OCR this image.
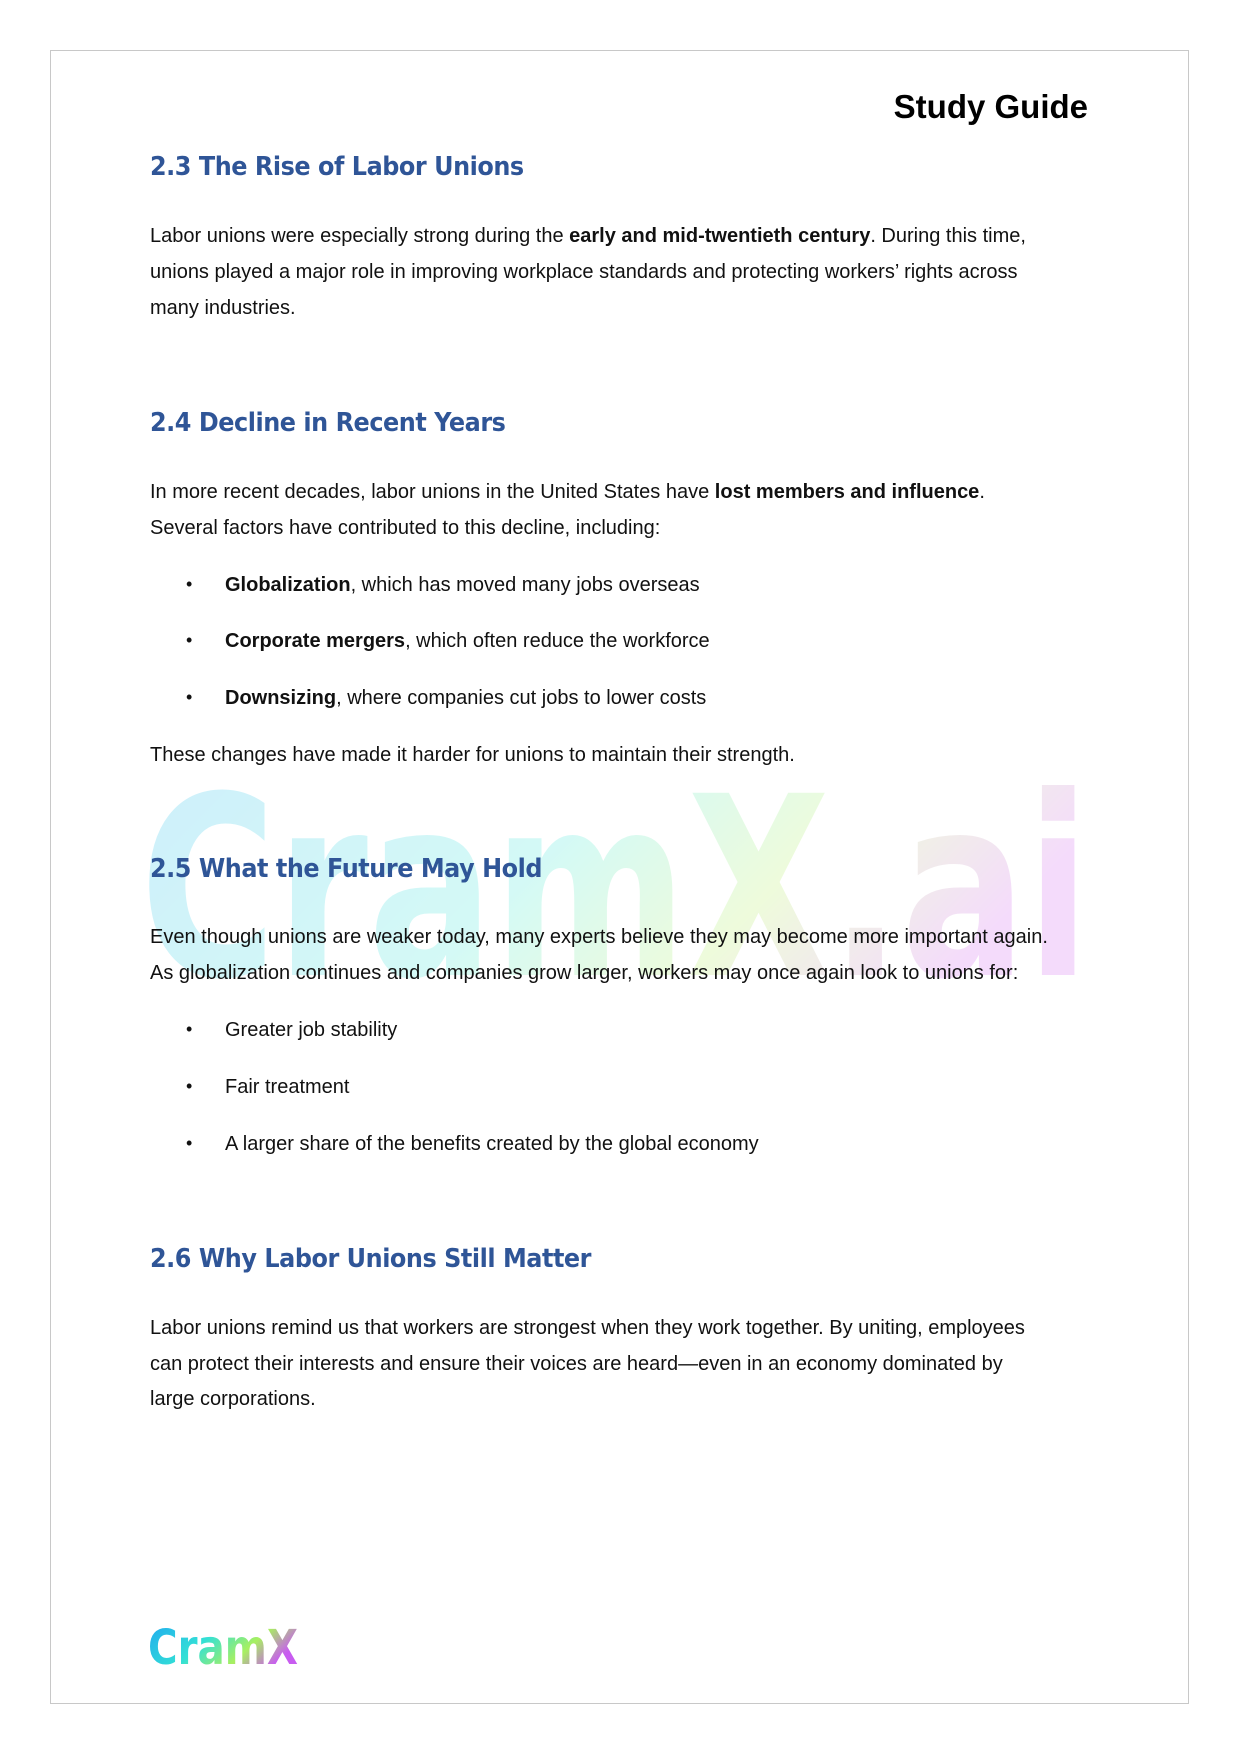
CramX.ai
Study Guide
2.3 The Rise of Labor Unions
Labor unions were especially strong during the early and mid-twentieth century. During this time,
unions played a major role in improving workplace standards and protecting workers’ rights across
many industries.
2.4 Decline in Recent Years
In more recent decades, labor unions in the United States have lost members and influence.
Several factors have contributed to this decline, including:
• Globalization, which has moved many jobs overseas
• Corporate mergers, which often reduce the workforce
• Downsizing, where companies cut jobs to lower costs
These changes have made it harder for unions to maintain their strength.
2.5 What the Future May Hold
Even though unions are weaker today, many experts believe they may become more important again.
As globalization continues and companies grow larger, workers may once again look to unions for:
• Greater job stability
• Fair treatment
• A larger share of the benefits created by the global economy
2.6 Why Labor Unions Still Matter
Labor unions remind us that workers are strongest when they work together. By uniting, employees
can protect their interests and ensure their voices are heard—even in an economy dominated by
large corporations.
CramX
